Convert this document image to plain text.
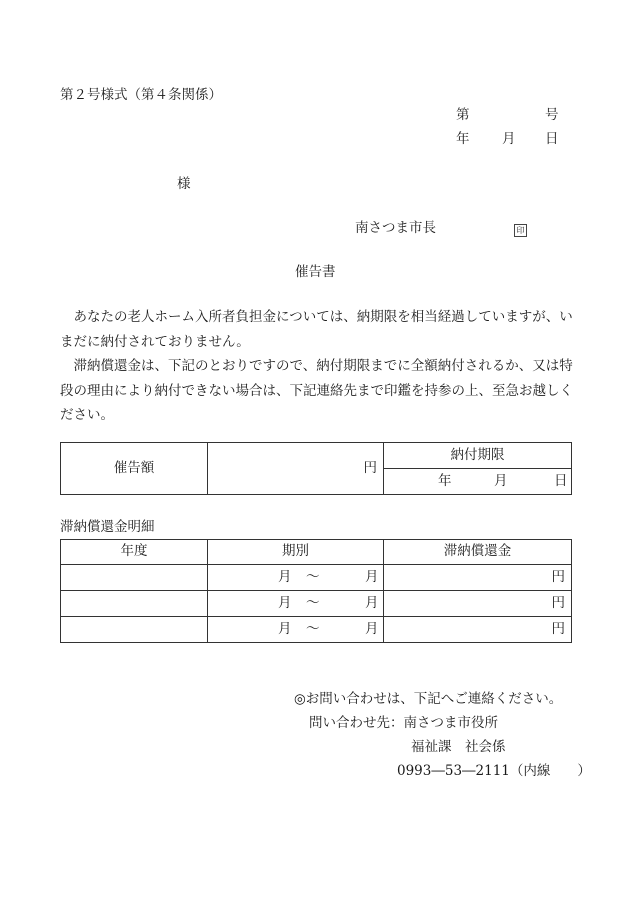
第２号様式（第４条関係）
第	号
年 月 日
様
南さつま市長	印
催告書

あなたの老人ホーム入所者負担金については、納期限を相当経過していますが、いまだに納付されておりません。

滞納償還金は、下記のとおりですので、納付期限までに全額納付されるか、又は特段の理由により納付できない場合は、下記連絡先まで印鑑を持参の上、至急お越しください。

催告額	円	納付期限

年	月	日
滞納償還金明細
年度	期別	滞納償還金

	月 ～ 月	円

	月 ～ 月	円

	月 ～ 月	円
◎お問い合わせは、下記へご連絡ください。
問い合わせ先：南さつま市役所
福祉課　社会係
0993―53―2111（内線　　）
